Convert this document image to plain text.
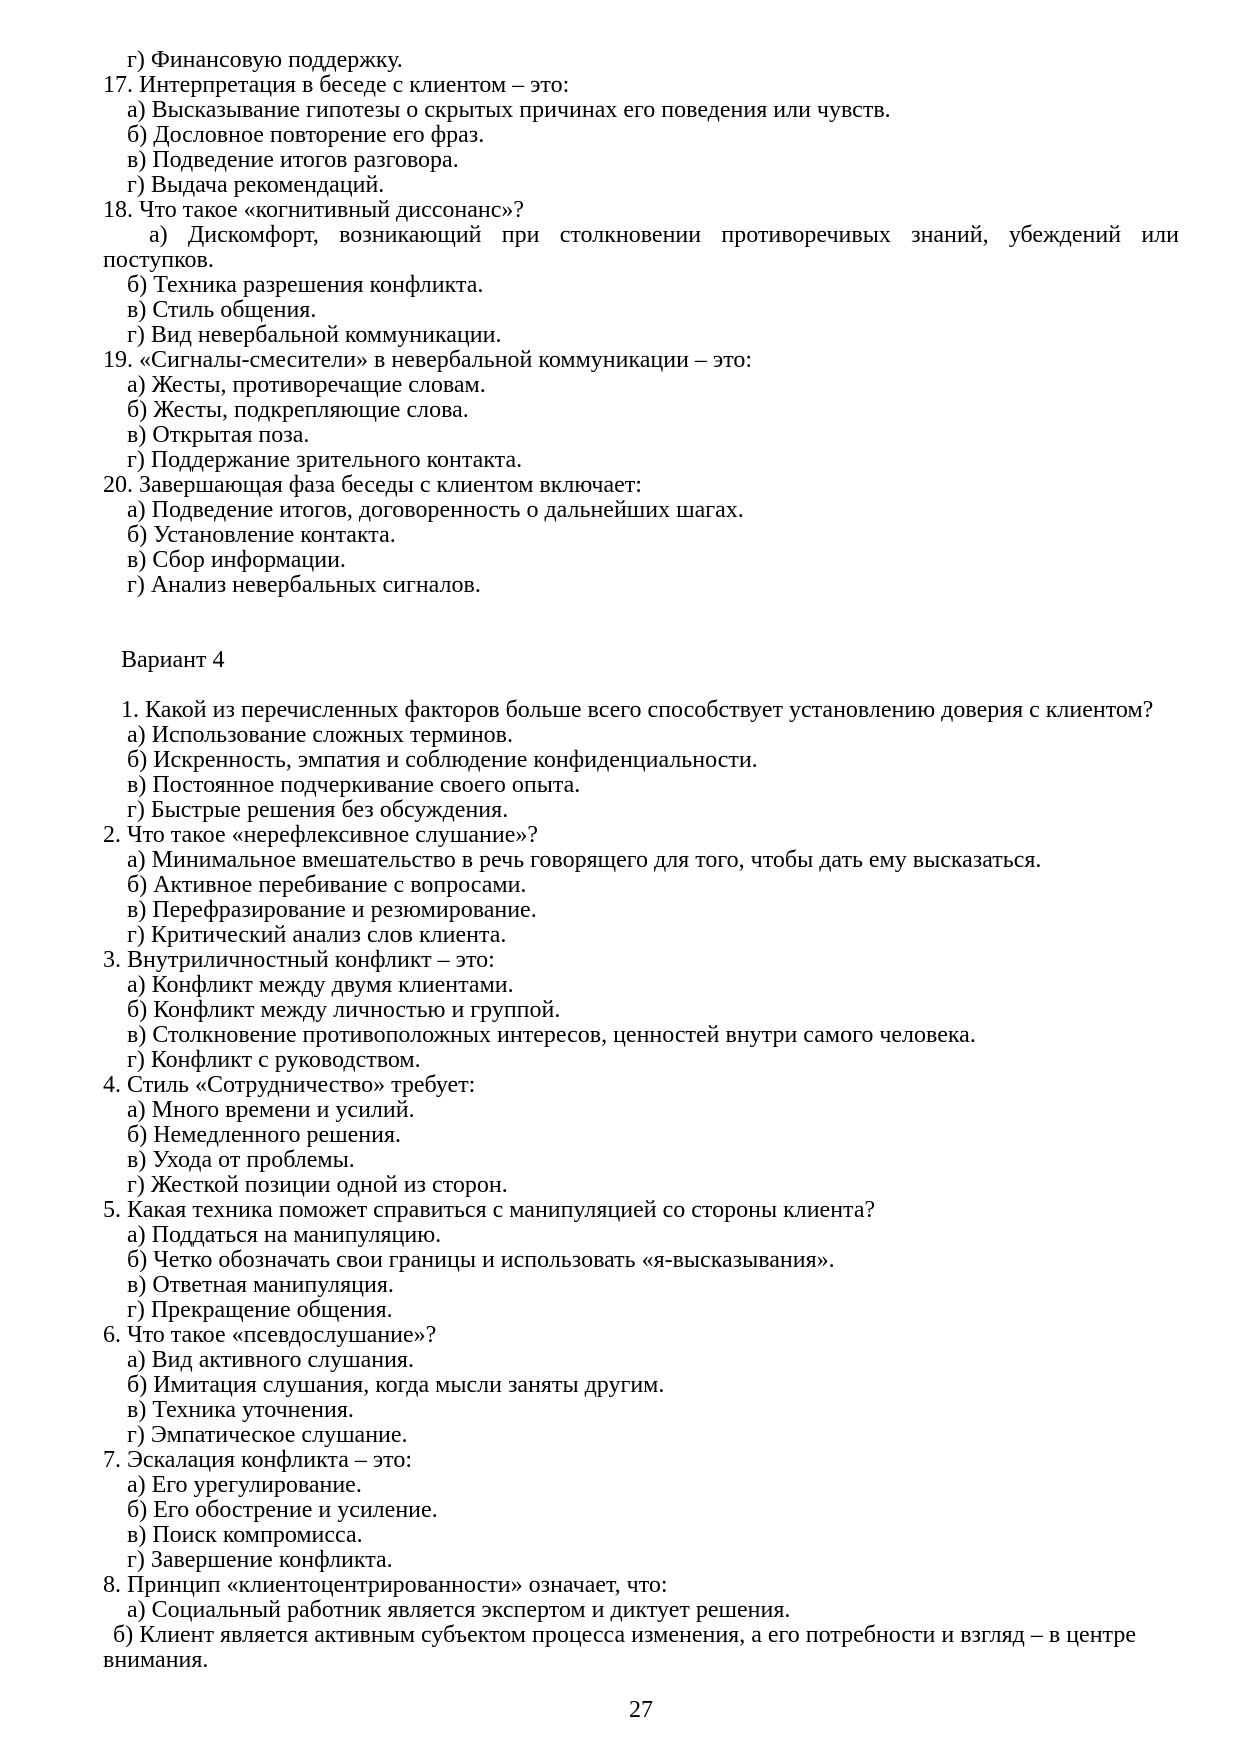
г) Финансовую поддержку.

17. Интерпретация в беседе с клиентом – это:

а) Высказывание гипотезы о скрытых причинах его поведения или чувств.

б) Дословное повторение его фраз.

в) Подведение итогов разговора.

г) Выдача рекомендаций.

18. Что такое «когнитивный диссонанс»?

а) Дискомфорт, возникающий при столкновении противоречивых знаний, убеждений или

поступков.

б) Техника разрешения конфликта.

в) Стиль общения.

г) Вид невербальной коммуникации.

19. «Сигналы-смесители» в невербальной коммуникации – это:

а) Жесты, противоречащие словам.

б) Жесты, подкрепляющие слова.

в) Открытая поза.

г) Поддержание зрительного контакта.

20. Завершающая фаза беседы с клиентом включает:

а) Подведение итогов, договоренность о дальнейших шагах.

б) Установление контакта.

в) Сбор информации.

г) Анализ невербальных сигналов.

Вариант 4

1. Какой из перечисленных факторов больше всего способствует установлению доверия с клиентом?

а) Использование сложных терминов.

б) Искренность, эмпатия и соблюдение конфиденциальности.

в) Постоянное подчеркивание своего опыта.

г) Быстрые решения без обсуждения.

2. Что такое «нерефлексивное слушание»?

а) Минимальное вмешательство в речь говорящего для того, чтобы дать ему высказаться.

б) Активное перебивание с вопросами.

в) Перефразирование и резюмирование.

г) Критический анализ слов клиента.

3. Внутриличностный конфликт – это:

а) Конфликт между двумя клиентами.

б) Конфликт между личностью и группой.

в) Столкновение противоположных интересов, ценностей внутри самого человека.

г) Конфликт с руководством.

4. Стиль «Сотрудничество» требует:

а) Много времени и усилий.

б) Немедленного решения.

в) Ухода от проблемы.

г) Жесткой позиции одной из сторон.

5. Какая техника поможет справиться с манипуляцией со стороны клиента?

а) Поддаться на манипуляцию.

б) Четко обозначать свои границы и использовать «я-высказывания».

в) Ответная манипуляция.

г) Прекращение общения.

6. Что такое «псевдослушание»?

а) Вид активного слушания.

б) Имитация слушания, когда мысли заняты другим.

в) Техника уточнения.

г) Эмпатическое слушание.

7. Эскалация конфликта – это:

а) Его урегулирование.

б) Его обострение и усиление.

в) Поиск компромисса.

г) Завершение конфликта.

8. Принцип «клиентоцентрированности» означает, что:

а) Социальный работник является экспертом и диктует решения.

б) Клиент является активным субъектом процесса изменения, а его потребности и взгляд – в центре

внимания.

27
